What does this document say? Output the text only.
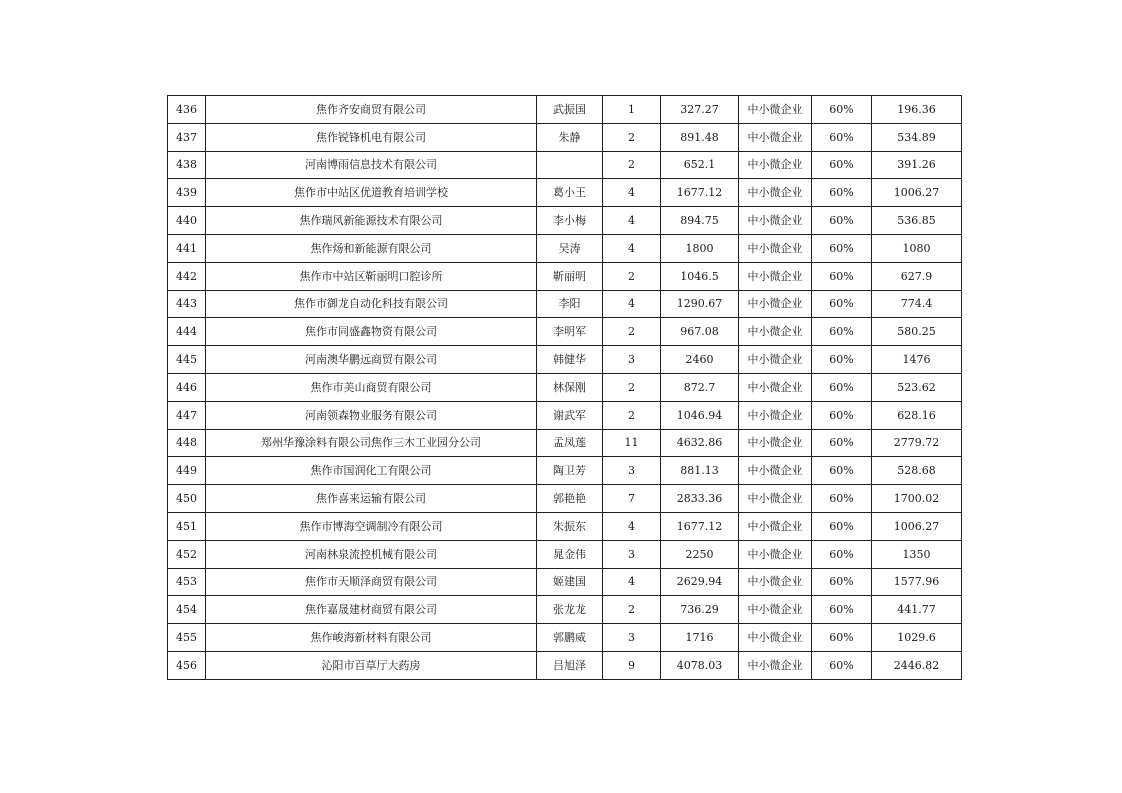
436	焦作齐安商贸有限公司	武振国	1	327.27	中小微企业	60%	196.36
437	焦作锐锋机电有限公司	朱静	2	891.48	中小微企业	60%	534.89
438	河南博雨信息技术有限公司		2	652.1	中小微企业	60%	391.26
439	焦作市中站区优道教育培训学校	葛小王	4	1677.12	中小微企业	60%	1006.27
440	焦作瑞风新能源技术有限公司	李小梅	4	894.75	中小微企业	60%	536.85
441	焦作炀和新能源有限公司	吴涛	4	1800	中小微企业	60%	1080
442	焦作市中站区靳丽明口腔诊所	靳丽明	2	1046.5	中小微企业	60%	627.9
443	焦作市御龙自动化科技有限公司	李阳	4	1290.67	中小微企业	60%	774.4
444	焦作市同盛鑫物资有限公司	李明军	2	967.08	中小微企业	60%	580.25
445	河南澳华鹏远商贸有限公司	韩健华	3	2460	中小微企业	60%	1476
446	焦作市美山商贸有限公司	林保刚	2	872.7	中小微企业	60%	523.62
447	河南领森物业服务有限公司	谢武军	2	1046.94	中小微企业	60%	628.16
448	郑州华豫涂料有限公司焦作三木工业园分公司	孟凤莲	11	4632.86	中小微企业	60%	2779.72
449	焦作市国润化工有限公司	陶卫芳	3	881.13	中小微企业	60%	528.68
450	焦作喜来运输有限公司	郭艳艳	7	2833.36	中小微企业	60%	1700.02
451	焦作市博海空调制冷有限公司	朱振东	4	1677.12	中小微企业	60%	1006.27
452	河南林泉流控机械有限公司	晁金伟	3	2250	中小微企业	60%	1350
453	焦作市天顺泽商贸有限公司	姬建国	4	2629.94	中小微企业	60%	1577.96
454	焦作嘉晟建材商贸有限公司	张龙龙	2	736.29	中小微企业	60%	441.77
455	焦作峻海新材料有限公司	郭鹏威	3	1716	中小微企业	60%	1029.6
456	沁阳市百草厅大药房	吕旭泽	9	4078.03	中小微企业	60%	2446.82
